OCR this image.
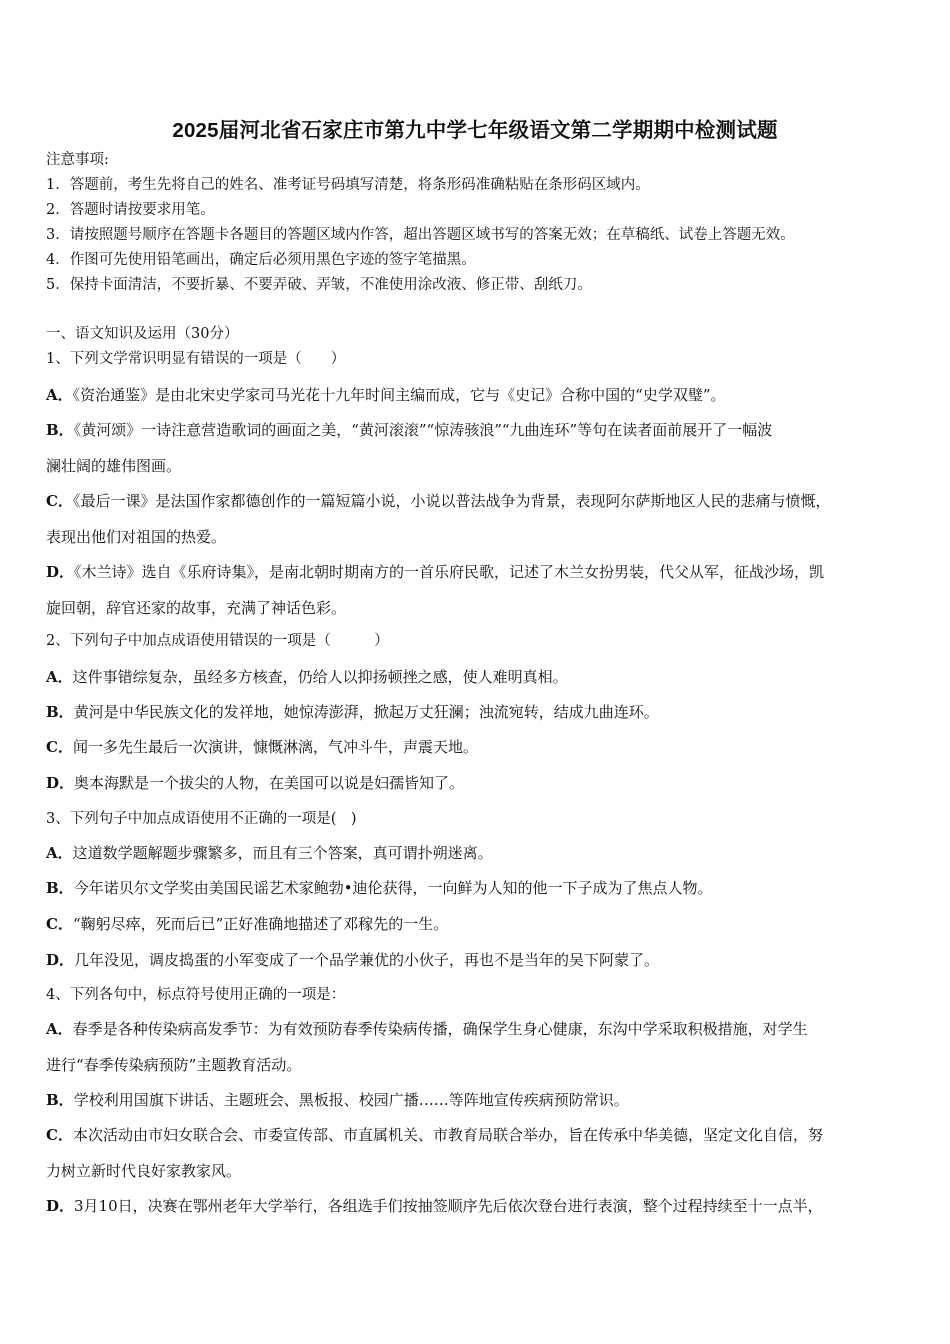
2025届河北省石家庄市第九中学七年级语文第二学期期中检测试题
注意事项:
1．答题前，考生先将自己的姓名、准考证号码填写清楚，将条形码准确粘贴在条形码区域内。
2．答题时请按要求用笔。
3．请按照题号顺序在答题卡各题目的答题区域内作答，超出答题区域书写的答案无效；在草稿纸、试卷上答题无效。
4．作图可先使用铅笔画出，确定后必须用黑色字迹的签字笔描黑。
5．保持卡面清洁，不要折暴、不要弄破、弄皱，不准使用涂改液、修正带、刮纸刀。
一、语文知识及运用（30分）
1、下列文学常识明显有错误的一项是（　　）
A．《资治通鉴》是由北宋史学家司马光花十九年时间主编而成，它与《史记》合称中国的“史学双璧”。
B．《黄河颂》一诗注意营造歌词的画面之美，“黄河滚滚”“惊涛骇浪”“九曲连环”等句在读者面前展开了一幅波
澜壮阔的雄伟图画。
C．《最后一课》是法国作家都德创作的一篇短篇小说，小说以普法战争为背景，表现阿尔萨斯地区人民的悲痛与愤慨，
表现出他们对祖国的热爱。
D．《木兰诗》选自《乐府诗集》，是南北朝时期南方的一首乐府民歌，记述了木兰女扮男装，代父从军，征战沙场，凯
旋回朝，辞官还家的故事，充满了神话色彩。
2、下列句子中加点成语使用错误的一项是（　　　）
A．这件事错综复杂，虽经多方核查，仍给人以抑扬顿挫之感，使人难明真相。
B．黄河是中华民族文化的发祥地，她惊涛澎湃，掀起万丈狂澜；浊流宛转，结成九曲连环。
C．闻一多先生最后一次演讲，慷慨淋漓，气冲斗牛，声震天地。
D．奥本海默是一个拔尖的人物，在美国可以说是妇孺皆知了。
3、下列句子中加点成语使用不正确的一项是(　)
A．这道数学题解题步骤繁多，而且有三个答案，真可谓扑朔迷离。
B．今年诺贝尔文学奖由美国民谣艺术家鲍勃•迪伦获得，一向鲜为人知的他一下子成为了焦点人物。
C．“鞠躬尽瘁，死而后已”正好准确地描述了邓稼先的一生。
D．几年没见，调皮捣蛋的小军变成了一个品学兼优的小伙子，再也不是当年的吴下阿蒙了。
4、下列各句中，标点符号使用正确的一项是：
A．春季是各种传染病高发季节：为有效预防春季传染病传播，确保学生身心健康，东沟中学采取积极措施，对学生
进行“春季传染病预防”主题教育活动。
B．学校利用国旗下讲话、主题班会、黑板报、校园广播……等阵地宣传疾病预防常识。
C．本次活动由市妇女联合会、市委宣传部、市直属机关、市教育局联合举办，旨在传承中华美德，坚定文化自信，努
力树立新时代良好家教家风。
D．3月10日，决赛在鄂州老年大学举行，各组选手们按抽签顺序先后依次登台进行表演，整个过程持续至十一点半，
